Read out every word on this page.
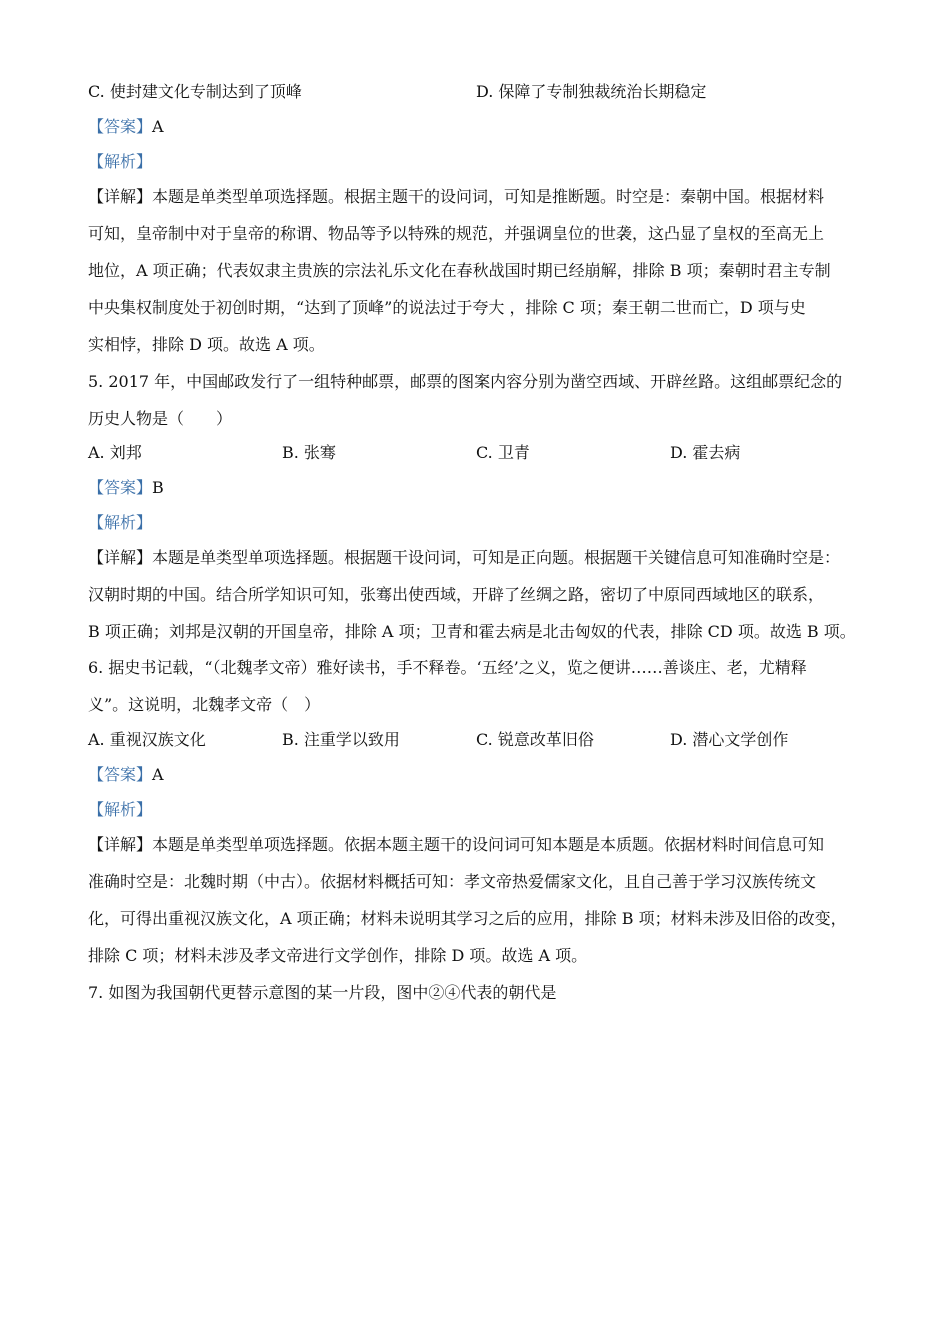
C. 使封建文化专制达到了顶峰	D. 保障了专制独裁统治长期稳定
【答案】A
【解析】
【详解】本题是单类型单项选择题。根据主题干的设问词，可知是推断题。时空是：秦朝中国。根据材料
可知，皇帝制中对于皇帝的称谓、物品等予以特殊的规范，并强调皇位的世袭，这凸显了皇权的至高无上
地位，A 项正确；代表奴隶主贵族的宗法礼乐文化在春秋战国时期已经崩解，排除 B 项；秦朝时君主专制
中央集权制度处于初创时期，“达到了顶峰”的说法过于夸大 ，排除 C 项；秦王朝二世而亡，D 项与史
实相悖，排除 D 项。故选 A 项。
5. 2017 年，中国邮政发行了一组特种邮票，邮票的图案内容分别为凿空西域、开辟丝路。这组邮票纪念的
历史人物是（　　）
A. 刘邦	B. 张骞	C. 卫青	D. 霍去病
【答案】B
【解析】
【详解】本题是单类型单项选择题。根据题干设问词，可知是正向题。根据题干关键信息可知准确时空是：
汉朝时期的中国。结合所学知识可知，张骞出使西域，开辟了丝绸之路，密切了中原同西域地区的联系，
B 项正确；刘邦是汉朝的开国皇帝，排除 A 项；卫青和霍去病是北击匈奴的代表，排除 CD 项。故选 B 项。
6. 据史书记载，“（北魏孝文帝）雅好读书，手不释卷。‘五经’之义，览之便讲……善谈庄、老，尤精释
义”。这说明，北魏孝文帝（　）
A. 重视汉族文化	B. 注重学以致用	C. 锐意改革旧俗	D. 潜心文学创作
【答案】A
【解析】
【详解】本题是单类型单项选择题。依据本题主题干的设问词可知本题是本质题。依据材料时间信息可知
准确时空是：北魏时期（中古）。依据材料概括可知：孝文帝热爱儒家文化，且自己善于学习汉族传统文
化，可得出重视汉族文化，A 项正确；材料未说明其学习之后的应用，排除 B 项；材料未涉及旧俗的改变，
排除 C 项；材料未涉及孝文帝进行文学创作，排除 D 项。故选 A 项。
7. 如图为我国朝代更替示意图的某一片段，图中②④代表的朝代是
